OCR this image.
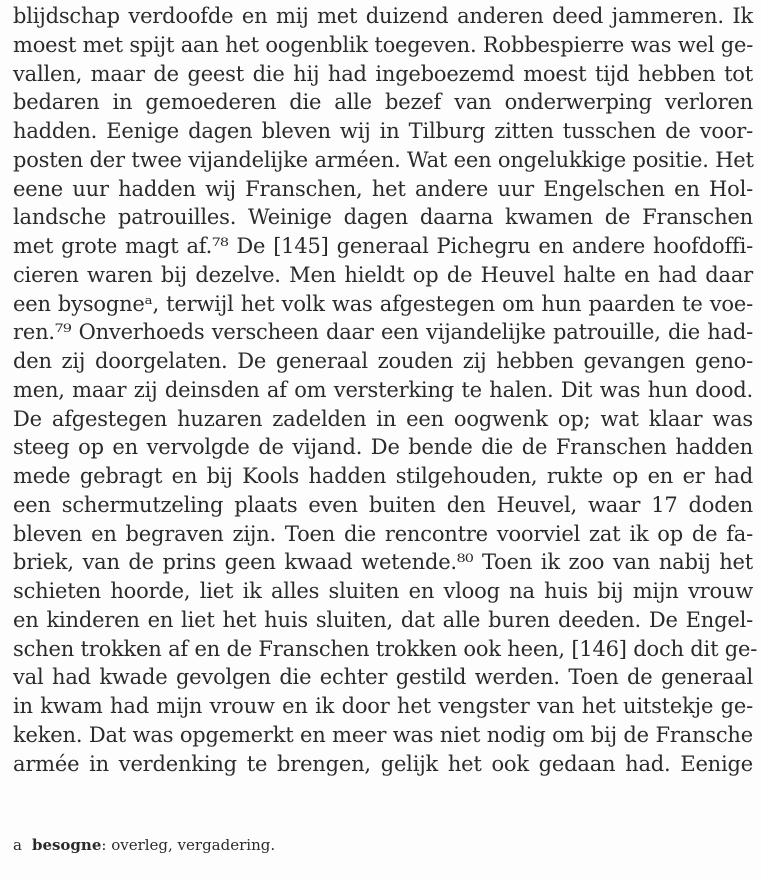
blijdschap verdoofde en mij met duizend anderen deed jammeren. Ik
moest met spijt aan het oogenblik toegeven. Robbespierre was wel ge-
vallen, maar de geest die hij had ingeboezemd moest tijd hebben tot
bedaren in gemoederen die alle bezef van onderwerping verloren
hadden. Eenige dagen bleven wij in Tilburg zitten tusschen de voor-
posten der twee vijandelijke arméen. Wat een ongelukkige positie. Het
eene uur hadden wij Franschen, het andere uur Engelschen en Hol-
landsche patrouilles. Weinige dagen daarna kwamen de Franschen
met grote magt af.⁷⁸ De [145] generaal Pichegru en andere hoofdoffi-
cieren waren bij dezelve. Men hieldt op de Heuvel halte en had daar
een bysogneᵃ, terwijl het volk was afgestegen om hun paarden te voe-
ren.⁷⁹ Onverhoeds verscheen daar een vijandelijke patrouille, die had-
den zij doorgelaten. De generaal zouden zij hebben gevangen geno-
men, maar zij deinsden af om versterking te halen. Dit was hun dood.
De afgestegen huzaren zadelden in een oogwenk op; wat klaar was
steeg op en vervolgde de vijand. De bende die de Franschen hadden
mede gebragt en bij Kools hadden stilgehouden, rukte op en er had
een schermutzeling plaats even buiten den Heuvel, waar 17 doden
bleven en begraven zijn. Toen die rencontre voorviel zat ik op de fa-
briek, van de prins geen kwaad wetende.⁸⁰ Toen ik zoo van nabij het
schieten hoorde, liet ik alles sluiten en vloog na huis bij mijn vrouw
en kinderen en liet het huis sluiten, dat alle buren deeden. De Engel-
schen trokken af en de Franschen trokken ook heen, [146] doch dit ge-
val had kwade gevolgen die echter gestild werden. Toen de generaal
in kwam had mijn vrouw en ik door het vengster van het uitstekje ge-
keken. Dat was opgemerkt en meer was niet nodig om bij de Fransche
armée in verdenking te brengen, gelijk het ook gedaan had. Eenige
a besogne: overleg, vergadering.
